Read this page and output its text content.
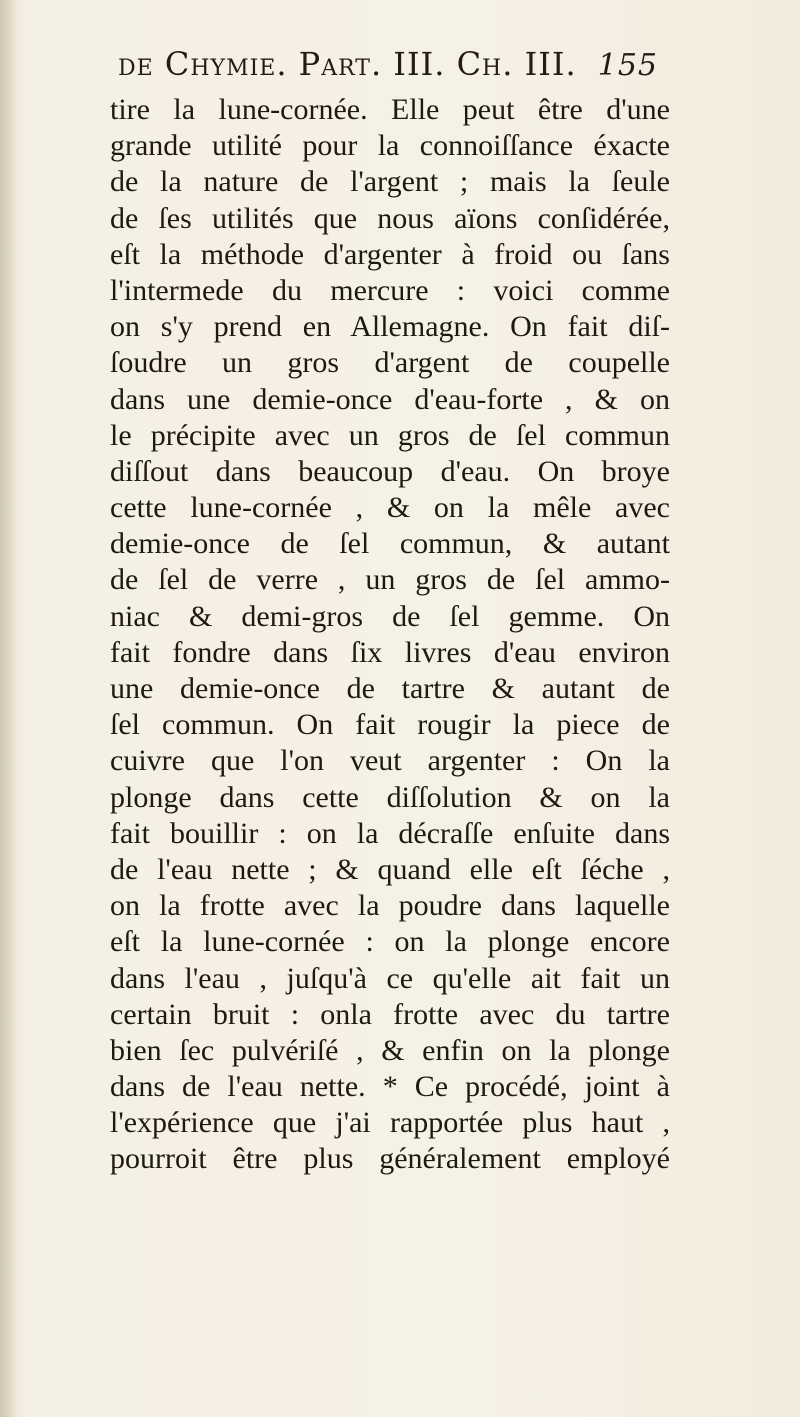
de Chymie. Part. III. Ch. III. 155
tire la lune-cornée. Elle peut être d'une
grande utilité pour la connoiſſance éxacte
de la nature de l'argent ; mais la ſeule
de ſes utilités que nous aïons conſidérée,
eſt la méthode d'argenter à froid ou ſans
l'intermede du mercure : voici comme
on s'y prend en Allemagne. On fait diſ-
ſoudre un gros d'argent de coupelle
dans une demie-once d'eau-forte , & on
le précipite avec un gros de ſel commun
diſſout dans beaucoup d'eau. On broye
cette lune-cornée , & on la mêle avec
demie-once de ſel commun, & autant
de ſel de verre , un gros de ſel ammo-
niac & demi-gros de ſel gemme. On
fait fondre dans ſix livres d'eau environ
une demie-once de tartre & autant de
ſel commun. On fait rougir la piece de
cuivre que l'on veut argenter : On la
plonge dans cette diſſolution & on la
fait bouillir : on la décraſſe enſuite dans
de l'eau nette ; & quand elle eſt ſéche ,
on la frotte avec la poudre dans laquelle
eſt la lune-cornée : on la plonge encore
dans l'eau , juſqu'à ce qu'elle ait fait un
certain bruit : onla frotte avec du tartre
bien ſec pulvériſé , & enfin on la plonge
dans de l'eau nette. * Ce procédé, joint à
l'expérience que j'ai rapportée plus haut ,
pourroit être plus généralement employé
